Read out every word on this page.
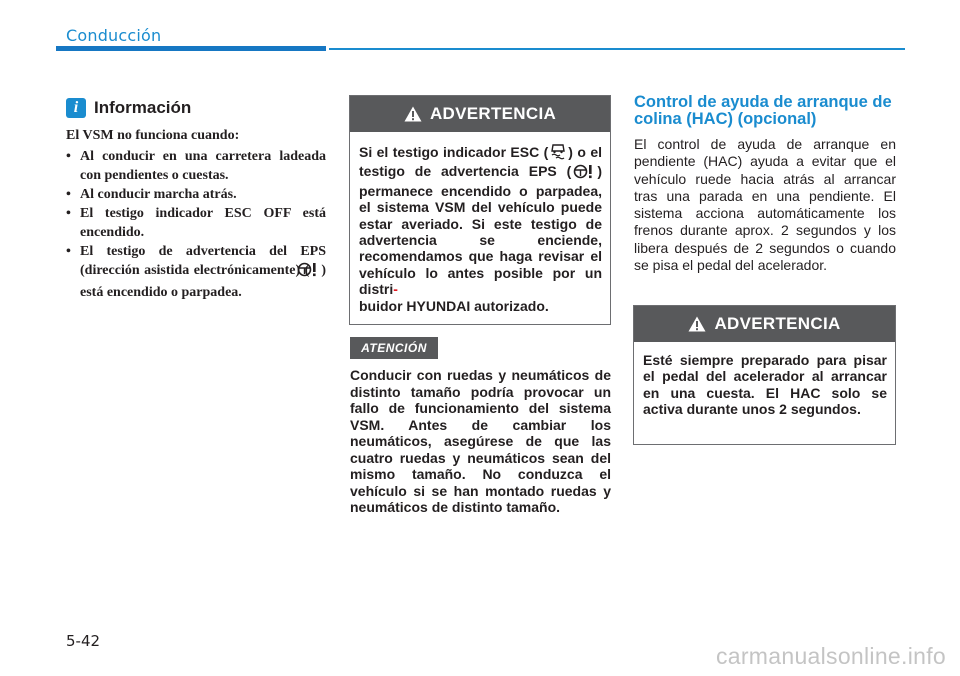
Conducción
i Información
El VSM no funciona cuando:
• Al conducir en una carretera ladeada con pendientes o cuestas.
• Al conducir marcha atrás.
• El testigo indicador ESC OFF está encendido.
• El testigo de advertencia del EPS (dirección asistida electrónicamente) ( ) está encendido o parpadea.
ADVERTENCIA
Si el testigo indicador ESC ( ) o el testigo de advertencia EPS ( ) permanece encendido o parpadea, el sistema VSM del vehículo puede estar averiado. Si este testigo de advertencia se enciende, recomendamos que haga revisar el vehículo lo antes posible por un distri-
buidor HYUNDAI autorizado.
ATENCIÓN
Conducir con ruedas y neumáticos de distinto tamaño podría provocar un fallo de funcionamiento del sistema VSM. Antes de cambiar los neumáticos, asegúrese de que las cuatro ruedas y neumáticos sean del mismo tamaño. No conduzca el vehículo si se han montado ruedas y neumáticos de distinto tamaño.
Control de ayuda de arranque de colina (HAC) (opcional)
El control de ayuda de arranque en pendiente (HAC) ayuda a evitar que el vehículo ruede hacia atrás al arrancar tras una parada en una pendiente. El sistema acciona automáticamente los frenos durante aprox. 2 segundos y los libera después de 2 segundos o cuando se pisa el pedal del acelerador.
ADVERTENCIA
Esté siempre preparado para pisar el pedal del acelerador al arrancar en una cuesta. El HAC solo se activa durante unos 2 segundos.
5-42
carmanualsonline.info
